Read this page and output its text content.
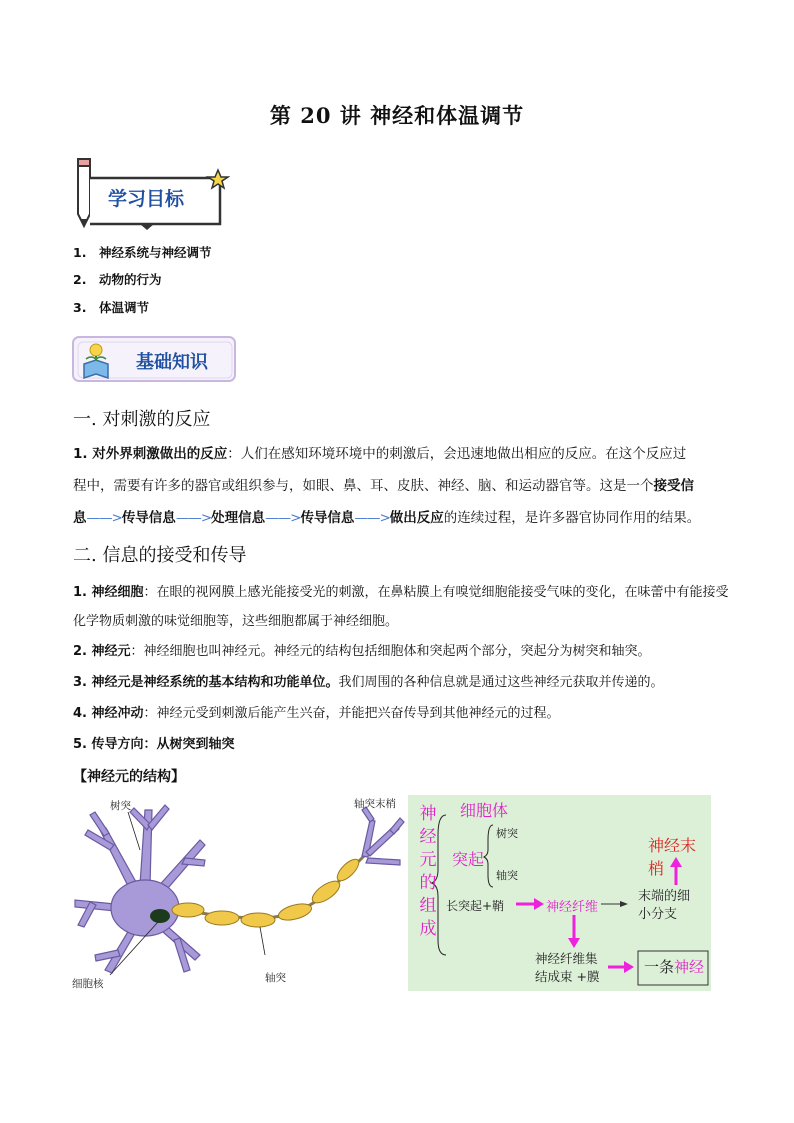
第 20 讲 神经和体温调节
学习目标
1. 神经系统与神经调节
2. 动物的行为
3. 体温调节
基础知识
一. 对刺激的反应
1. 对外界刺激做出的反应：人们在感知环境环境中的刺激后，会迅速地做出相应的反应。在这个反应过
程中，需要有许多的器官或组织参与，如眼、鼻、耳、皮肤、神经、脑、和运动器官等。这是一个接受信
息——>传导信息——>处理信息——>传导信息——>做出反应的连续过程，是许多器官协同作用的结果。
二. 信息的接受和传导
1. 神经细胞：在眼的视网膜上感光能接受光的刺激，在鼻粘膜上有嗅觉细胞能接受气味的变化，在味蕾中有能接受 化学物质刺激的味觉细胞等，这些细胞都属于神经细胞。
2. 神经元：神经细胞也叫神经元。神经元的结构包括细胞体和突起两个部分，突起分为树突和轴突。
3. 神经元是神经系统的基本结构和功能单位。我们周围的各种信息就是通过这些神经元获取并传递的。
4. 神经冲动：神经元受到刺激后能产生兴奋，并能把兴奋传导到其他神经元的过程。
5. 传导方向：从树突到轴突
【神经元的结构】
树突	轴突末梢
细胞核	轴突
神
经
元
的
组
成
细胞体
突起
树突
轴突
长突起+鞘	神经纤维
末端的细
小分支
神经末梢
神经纤维集
结成束 +膜
一条神经
